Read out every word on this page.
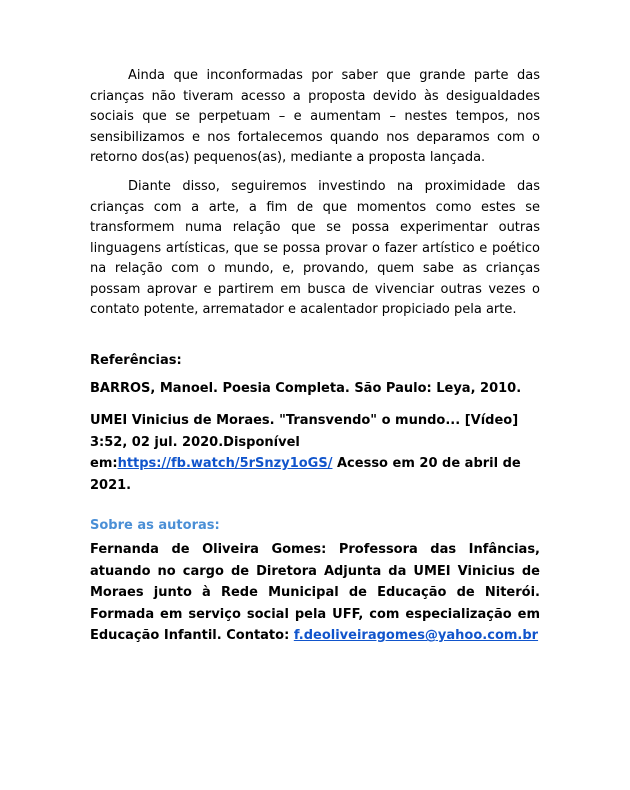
Ainda que inconformadas por saber que grande parte das crianças não tiveram acesso a proposta devido às desigualdades sociais que se perpetuam – e aumentam – nestes tempos, nos sensibilizamos e nos fortalecemos quando nos deparamos com o retorno dos(as) pequenos(as), mediante a proposta lançada.

Diante disso, seguiremos investindo na proximidade das crianças com a arte, a fim de que momentos como estes se transformem numa relação que se possa experimentar outras linguagens artísticas, que se possa provar o fazer artístico e poético na relação com o mundo, e, provando, quem sabe as crianças possam aprovar e partirem em busca de vivenciar outras vezes o contato potente, arrematador e acalentador propiciado pela arte.

Referências:
BARROS, Manoel. Poesia Completa. São Paulo: Leya, 2010.
UMEI Vinicius de Moraes. "Transvendo" o mundo... [Vídeo]
3:52, 02 jul. 2020.Disponível
em:https://fb.watch/5rSnzy1oGS/ Acesso em 20 de abril de 2021.
Sobre as autoras:

Fernanda de Oliveira Gomes: Professora das Infâncias, atuando no cargo de Diretora Adjunta da UMEI Vinicius de Moraes junto à Rede Municipal de Educação de Niterói. Formada em serviço social pela UFF, com especialização em Educação Infantil. Contato: f.deoliveiragomes@yahoo.com.br
